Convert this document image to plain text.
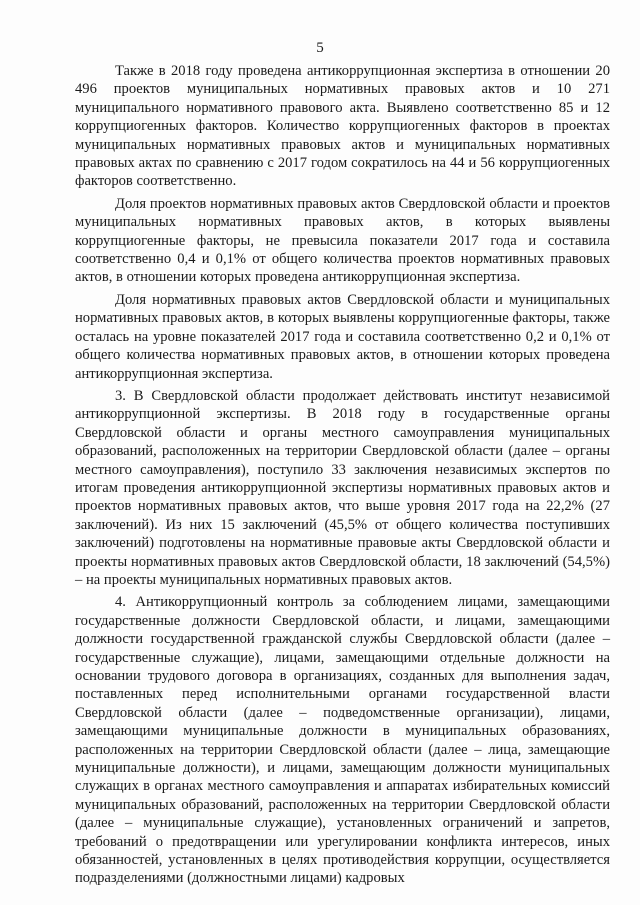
5

Также в 2018 году проведена антикоррупционная экспертиза в отношении 20 496 проектов муниципальных нормативных правовых актов и 10 271 муниципального нормативного правового акта. Выявлено соответственно 85 и 12 коррупциогенных факторов. Количество коррупциогенных факторов в проектах муниципальных нормативных правовых актов и муниципальных нормативных правовых актах по сравнению с 2017 годом сократилось на 44 и 56 коррупциогенных факторов соответственно.

Доля проектов нормативных правовых актов Свердловской области и проектов муниципальных нормативных правовых актов, в которых выявлены коррупциогенные факторы, не превысила показатели 2017 года и составила соответственно 0,4 и 0,1% от общего количества проектов нормативных правовых актов, в отношении которых проведена антикоррупционная экспертиза.

Доля нормативных правовых актов Свердловской области и муниципальных нормативных правовых актов, в которых выявлены коррупциогенные факторы, также осталась на уровне показателей 2017 года и составила соответственно 0,2 и 0,1% от общего количества нормативных правовых актов, в отношении которых проведена антикоррупционная экспертиза.

3. В Свердловской области продолжает действовать институт независимой антикоррупционной экспертизы. В 2018 году в государственные органы Свердловской области и органы местного самоуправления муниципальных образований, расположенных на территории Свердловской области (далее – органы местного самоуправления), поступило 33 заключения независимых экспертов по итогам проведения антикоррупционной экспертизы нормативных правовых актов и проектов нормативных правовых актов, что выше уровня 2017 года на 22,2% (27 заключений). Из них 15 заключений (45,5% от общего количества поступивших заключений) подготовлены на нормативные правовые акты Свердловской области и проекты нормативных правовых актов Свердловской области, 18 заключений (54,5%) – на проекты муниципальных нормативных правовых актов.

4. Антикоррупционный контроль за соблюдением лицами, замещающими государственные должности Свердловской области, и лицами, замещающими должности государственной гражданской службы Свердловской области (далее – государственные служащие), лицами, замещающими отдельные должности на основании трудового договора в организациях, созданных для выполнения задач, поставленных перед исполнительными органами государственной власти Свердловской области (далее – подведомственные организации), лицами, замещающими муниципальные должности в муниципальных образованиях, расположенных на территории Свердловской области (далее – лица, замещающие муниципальные должности), и лицами, замещающим должности муниципальных служащих в органах местного самоуправления и аппаратах избирательных комиссий муниципальных образований, расположенных на территории Свердловской области (далее – муниципальные служащие), установленных ограничений и запретов, требований о предотвращении или урегулировании конфликта интересов, иных обязанностей, установленных в целях противодействия коррупции, осуществляется подразделениями (должностными лицами) кадровых
